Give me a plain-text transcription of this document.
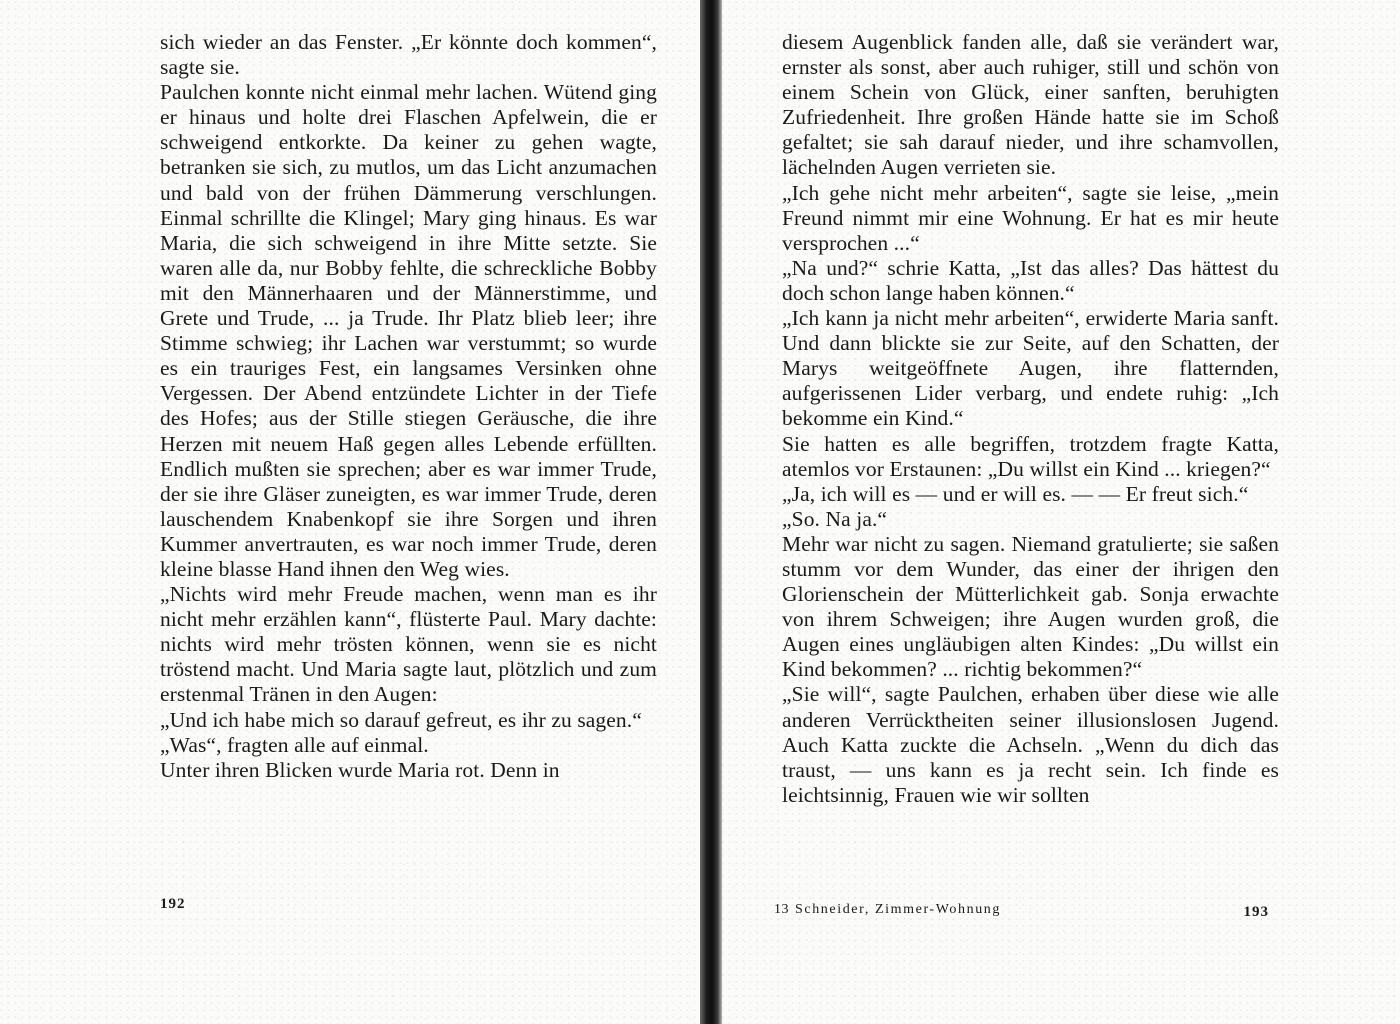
sich wieder an das Fenster. „Er könnte doch kommen“, sagte sie.

Paulchen konnte nicht einmal mehr lachen. Wütend ging er hinaus und holte drei Flaschen Apfelwein, die er schweigend entkorkte. Da keiner zu gehen wagte, betranken sie sich, zu mutlos, um das Licht anzumachen und bald von der frühen Dämmerung verschlungen. Einmal schrillte die Klingel; Mary ging hinaus. Es war Maria, die sich schweigend in ihre Mitte setzte. Sie waren alle da, nur Bobby fehlte, die schreckliche Bobby mit den Männerhaaren und der Männerstimme, und Grete und Trude, ... ja Trude. Ihr Platz blieb leer; ihre Stimme schwieg; ihr Lachen war verstummt; so wurde es ein trauriges Fest, ein langsames Versinken ohne Vergessen. Der Abend entzündete Lichter in der Tiefe des Hofes; aus der Stille stiegen Geräusche, die ihre Herzen mit neuem Haß gegen alles Lebende erfüllten. Endlich mußten sie sprechen; aber es war immer Trude, der sie ihre Gläser zuneigten, es war immer Trude, deren lauschendem Knabenkopf sie ihre Sorgen und ihren Kummer anvertrauten, es war noch immer Trude, deren kleine blasse Hand ihnen den Weg wies.

„Nichts wird mehr Freude machen, wenn man es ihr nicht mehr erzählen kann“, flüsterte Paul. Mary dachte: nichts wird mehr trösten können, wenn sie es nicht tröstend macht. Und Maria sagte laut, plötzlich und zum erstenmal Tränen in den Augen:

„Und ich habe mich so darauf gefreut, es ihr zu sagen.“

„Was“, fragten alle auf einmal.

Unter ihren Blicken wurde Maria rot. Denn in

192

diesem Augenblick fanden alle, daß sie verändert war, ernster als sonst, aber auch ruhiger, still und schön von einem Schein von Glück, einer sanften, beruhigten Zufriedenheit. Ihre großen Hände hatte sie im Schoß gefaltet; sie sah darauf nieder, und ihre schamvollen, lächelnden Augen verrieten sie.

„Ich gehe nicht mehr arbeiten“, sagte sie leise, „mein Freund nimmt mir eine Wohnung. Er hat es mir heute versprochen ...“

„Na und?“ schrie Katta, „Ist das alles? Das hättest du doch schon lange haben können.“

„Ich kann ja nicht mehr arbeiten“, erwiderte Maria sanft. Und dann blickte sie zur Seite, auf den Schatten, der Marys weitgeöffnete Augen, ihre flatternden, aufgerissenen Lider verbarg, und endete ruhig: „Ich bekomme ein Kind.“

Sie hatten es alle begriffen, trotzdem fragte Katta, atemlos vor Erstaunen: „Du willst ein Kind ... kriegen?“

„Ja, ich will es — und er will es. — — Er freut sich.“

„So. Na ja.“

Mehr war nicht zu sagen. Niemand gratulierte; sie saßen stumm vor dem Wunder, das einer der ihrigen den Glorienschein der Mütterlichkeit gab. Sonja erwachte von ihrem Schweigen; ihre Augen wurden groß, die Augen eines ungläubigen alten Kindes: „Du willst ein Kind bekommen? ... richtig bekommen?“

„Sie will“, sagte Paulchen, erhaben über diese wie alle anderen Verrücktheiten seiner illusionslosen Jugend. Auch Katta zuckte die Achseln. „Wenn du dich das traust, — uns kann es ja recht sein. Ich finde es leichtsinnig, Frauen wie wir sollten

13 Schneider, Zimmer-Wohnung	193
